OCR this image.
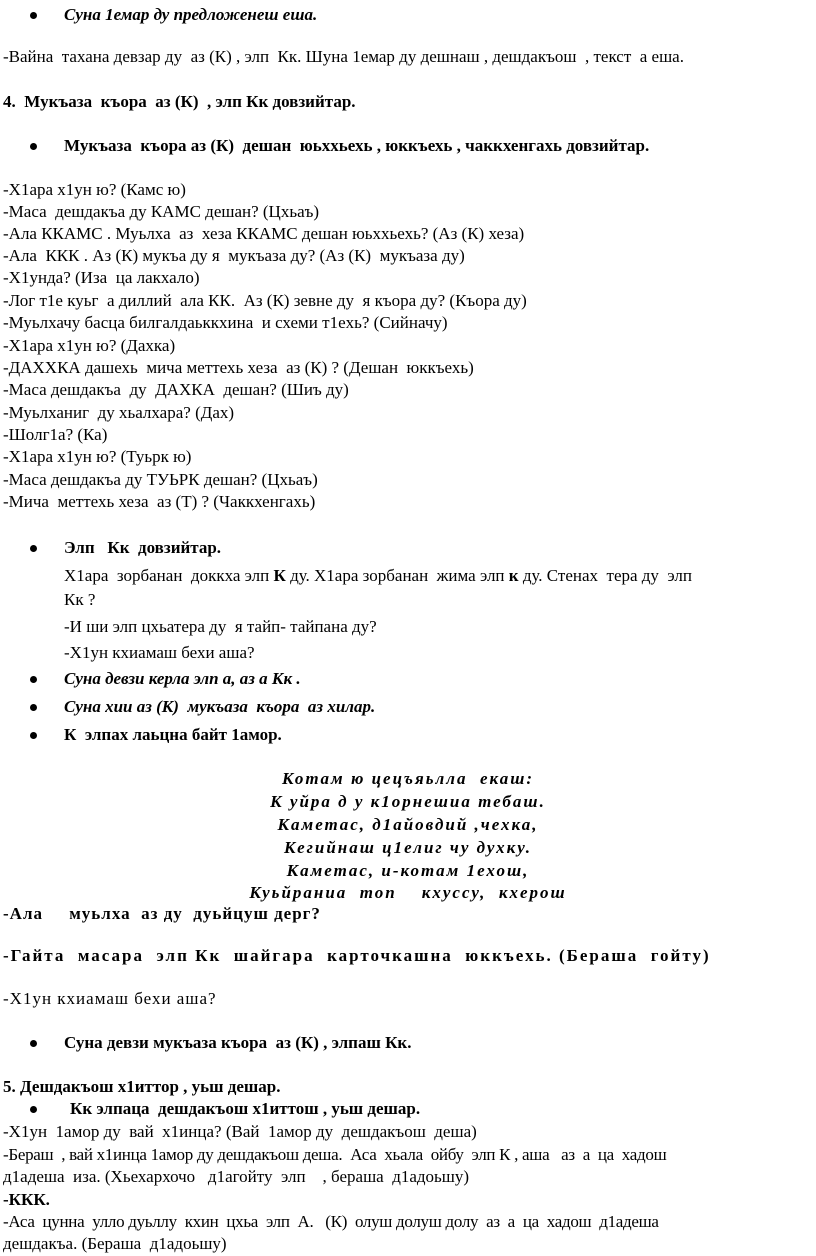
Суна 1емар ду предложенеш еша.
-Вайна  тахана девзар ду  аз (К) , элп  Кк. Шуна 1емар ду дешнаш , дешдакъош  , текст  а еша.
4.  Мукъаза  къора  аз (К)  , элп Кк довзийтар.
Мукъаза  къора аз (К)  дешан  юьххьехь , юккъехь , чаккхенгахь довзийтар.
-Х1ара х1ун ю? (Камс ю)
-Маса  дешдакъа ду КАМС дешан? (Цхьаъ)
-Ала ККАМС . Муьлха  аз  хеза ККАМС дешан юьххьехь? (Аз (К) хеза)
-Ала  ККК . Аз (К) мукъа ду я  мукъаза ду? (Аз (К)  мукъаза ду)
-Х1унда? (Иза  ца лакхало)
-Лог т1е куьг  а диллий  ала КК.  Аз (К) зевне ду  я къора ду? (Къора ду)
-Муьлхачу басца билгалдаьккхина  и схеми т1еxь? (Сийначу)
-Х1ара х1ун ю? (Дахка)
-ДАХХКА дашехь  мича меттехь хеза  аз (К) ? (Дешан  юккъехь)
-Маса дешдакъа  ду  ДАХКА  дешан? (Шиъ ду)
-Муьлханиг  ду хьалхара? (Дах)
-Шолг1а? (Ка)
-Х1ара х1ун ю? (Туьрк ю)
-Маса дешдакъа ду ТУЬРК дешан? (Цхьаъ)
-Мича  меттехь хеза  аз (Т) ? (Чаккхенгахь)
Элп   Кк  довзийтар.
Х1ара  зорбанан  доккха элп К ду. Х1ара зорбанан  жима элп к ду. Стенах  тера ду  элп
Кк ?
-И ши элп цхьатера ду  я тайп- тайпана ду?
-Х1ун кхиамаш бехи аша?
Суна девзи керла элп а, аз а Кк .
Суна хии аз (К)  мукъаза  къора  аз хилар.
К  элпах лаьцна байт 1амор.
Котам ю цецъяьлла  екаш:
К уйра д у к1орнешиа тебаш.
Каметас, д1айовдий ,чехка,
Кегийнаш ц1елиг чу духку.
Каметас, и-котам 1ехош,
Куьйраниа  топ    кхуссу,  кхерош
-Ала     муьлха  аз ду  дуьйцуш дерг?
-Гайта  масара  элп Кк  шайгара  карточкашна  юккъехь. (Бераша  гойту)
-Х1ун кхиамаш бехи аша?
Суна девзи мукъаза къора  аз (К) , элпаш Кк.
5. Дешдакъош х1иттор , уьш дешар.
Кк элпаца  дешдакъош х1иттош , уьш дешар.
-Х1ун  1амор ду  вай  х1инца? (Вай  1амор ду  дешдакъош  деша)
-Бераш  , вай х1инца 1амор ду дешдакъош деша.  Аса  хьала  ойбу  элп К , аша   аз  а  ца  хадош
д1адеша  иза. (Хьехархочо   д1агойту  элп    , бераша  д1адоьшу)
-ККК.
-Аса  цунна  улло дуьллу  кхин  цхьа  элп  А.   (К)  олуш долуш долу  аз  а  ца  хадош  д1адеша
дешдакъа. (Бераша  д1адоьшу)
